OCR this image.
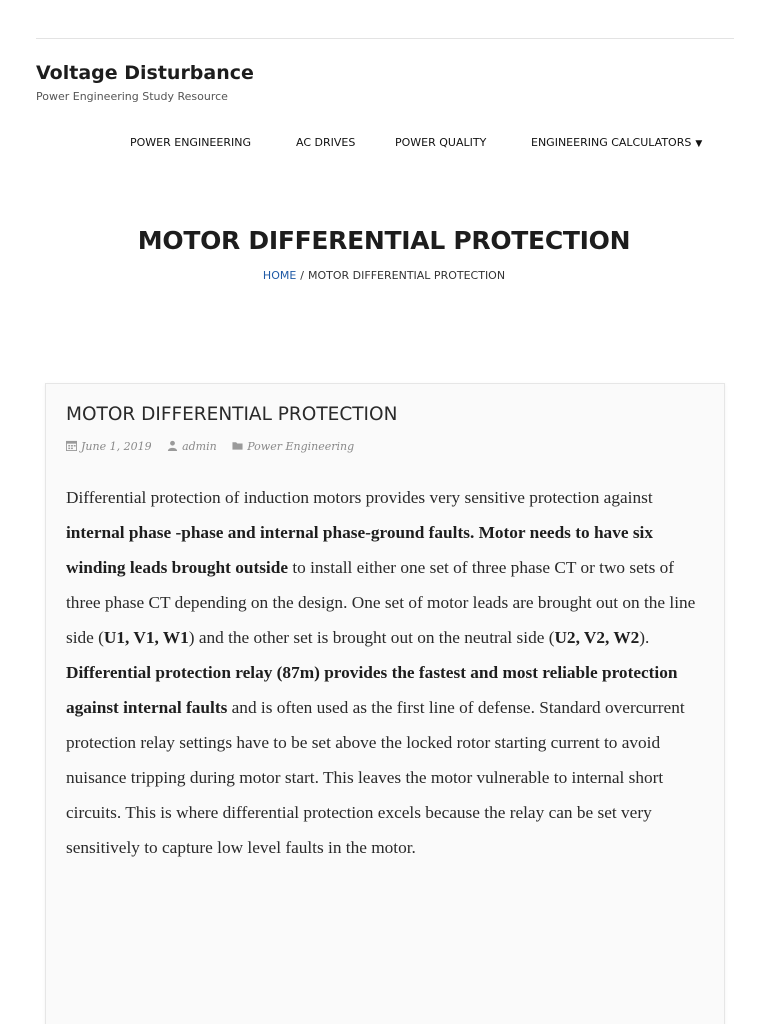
Voltage Disturbance
Power Engineering Study Resource
POWER ENGINEERING	AC DRIVES	POWER QUALITY	ENGINEERING CALCULATORS ▼
MOTOR DIFFERENTIAL PROTECTION
HOME / MOTOR DIFFERENTIAL PROTECTION
MOTOR DIFFERENTIAL PROTECTION
June 1, 2019	admin	Power Engineering

Differential protection of induction motors provides very sensitive protection against internal phase -phase and internal phase-ground faults. Motor needs to have six winding leads brought outside to install either one set of three phase CT or two sets of three phase CT depending on the design. One set of motor leads are brought out on the line side (U1, V1, W1) and the other set is brought out on the neutral side (U2, V2, W2). Differential protection relay (87m) provides the fastest and most reliable protection against internal faults and is often used as the first line of defense. Standard overcurrent protection relay settings have to be set above the locked rotor starting current to avoid nuisance tripping during motor start. This leaves the motor vulnerable to internal short circuits. This is where differential protection excels because the relay can be set very sensitively to capture low level faults in the motor.
